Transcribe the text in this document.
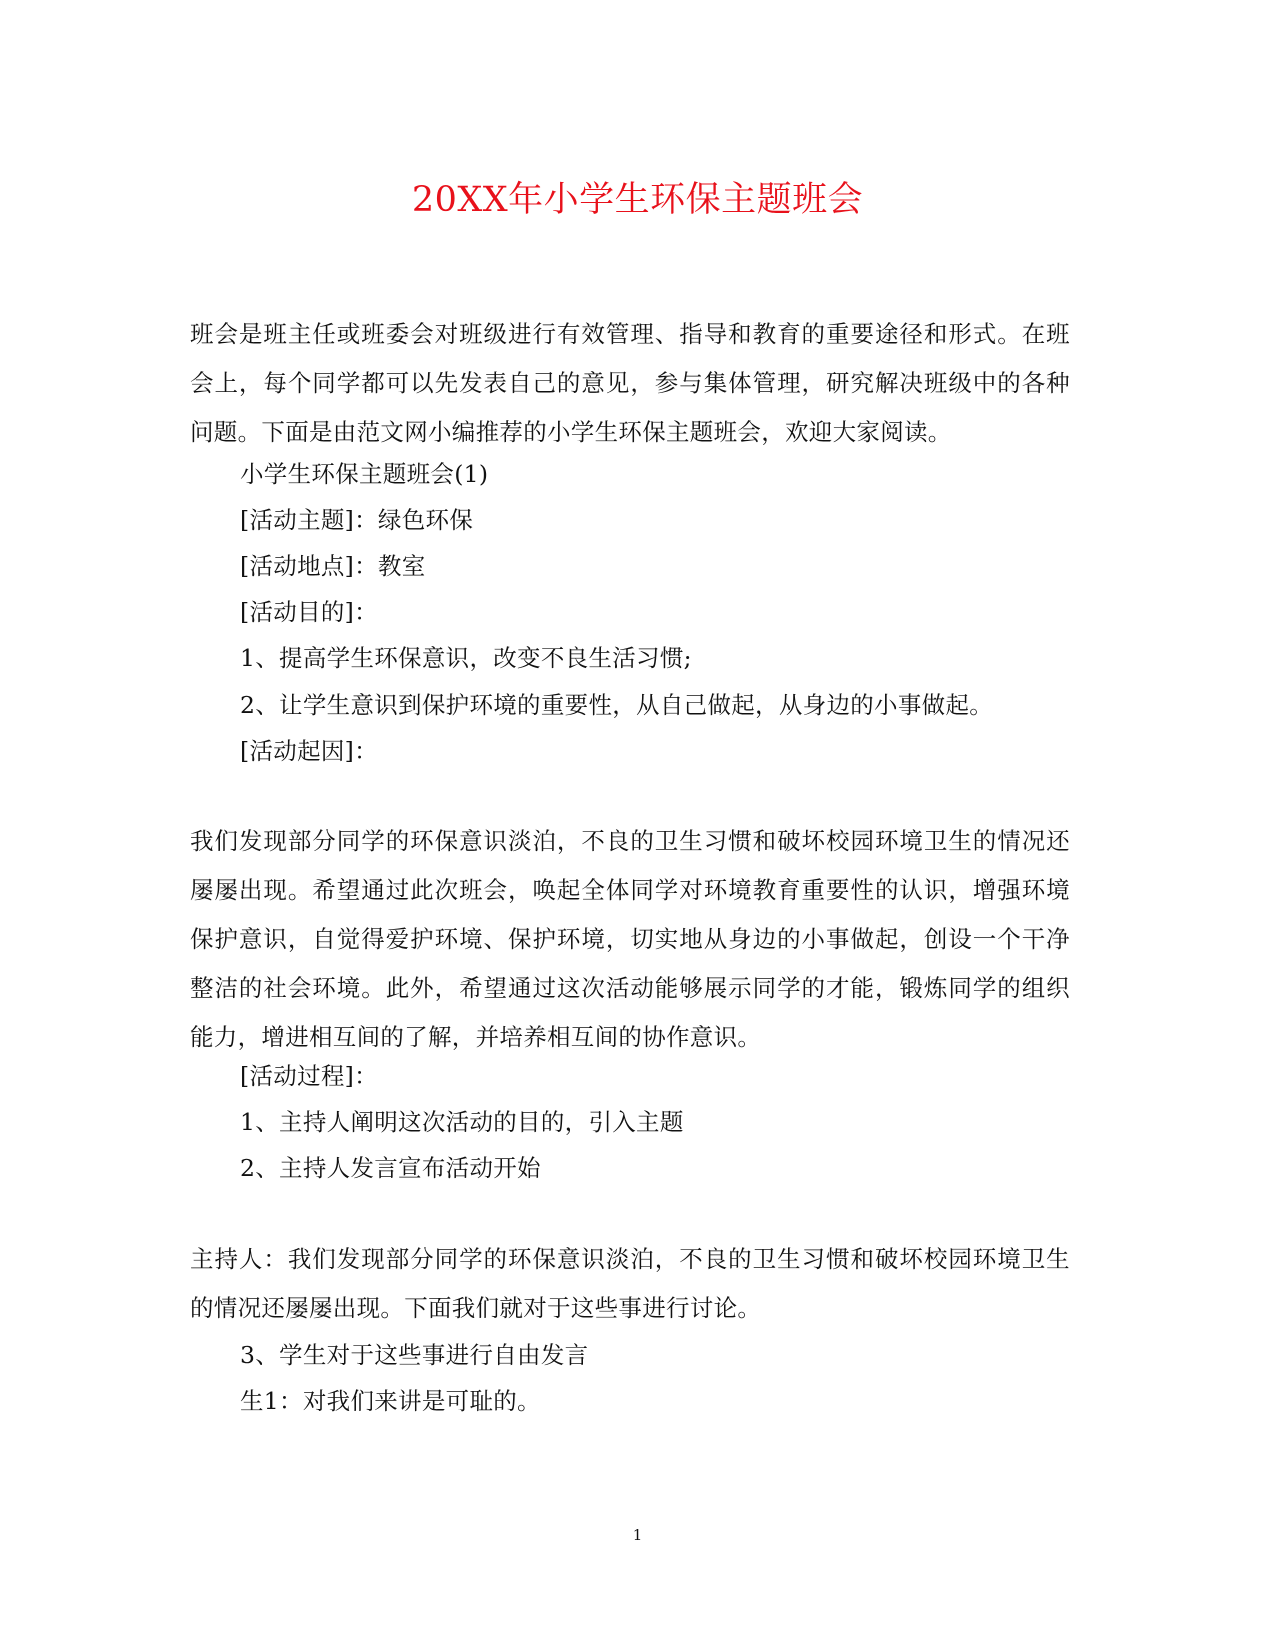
20XX年小学生环保主题班会
班会是班主任或班委会对班级进行有效管理、指导和教育的重要途径和形式。在班会上，每个同学都可以先发表自己的意见，参与集体管理，研究解决班级中的各种问题。下面是由范文网小编推荐的小学生环保主题班会，欢迎大家阅读。
小学生环保主题班会(1)
[活动主题]：绿色环保
[活动地点]：教室
[活动目的]：
1、提高学生环保意识，改变不良生活习惯;
2、让学生意识到保护环境的重要性，从自己做起，从身边的小事做起。
[活动起因]：
我们发现部分同学的环保意识淡泊，不良的卫生习惯和破坏校园环境卫生的情况还屡屡出现。希望通过此次班会，唤起全体同学对环境教育重要性的认识，增强环境保护意识，自觉得爱护环境、保护环境，切实地从身边的小事做起，创设一个干净整洁的社会环境。此外，希望通过这次活动能够展示同学的才能，锻炼同学的组织能力，增进相互间的了解，并培养相互间的协作意识。
[活动过程]：
1、主持人阐明这次活动的目的，引入主题
2、主持人发言宣布活动开始
主持人：我们发现部分同学的环保意识淡泊，不良的卫生习惯和破坏校园环境卫生的情况还屡屡出现。下面我们就对于这些事进行讨论。
3、学生对于这些事进行自由发言
生1：对我们来讲是可耻的。
1
